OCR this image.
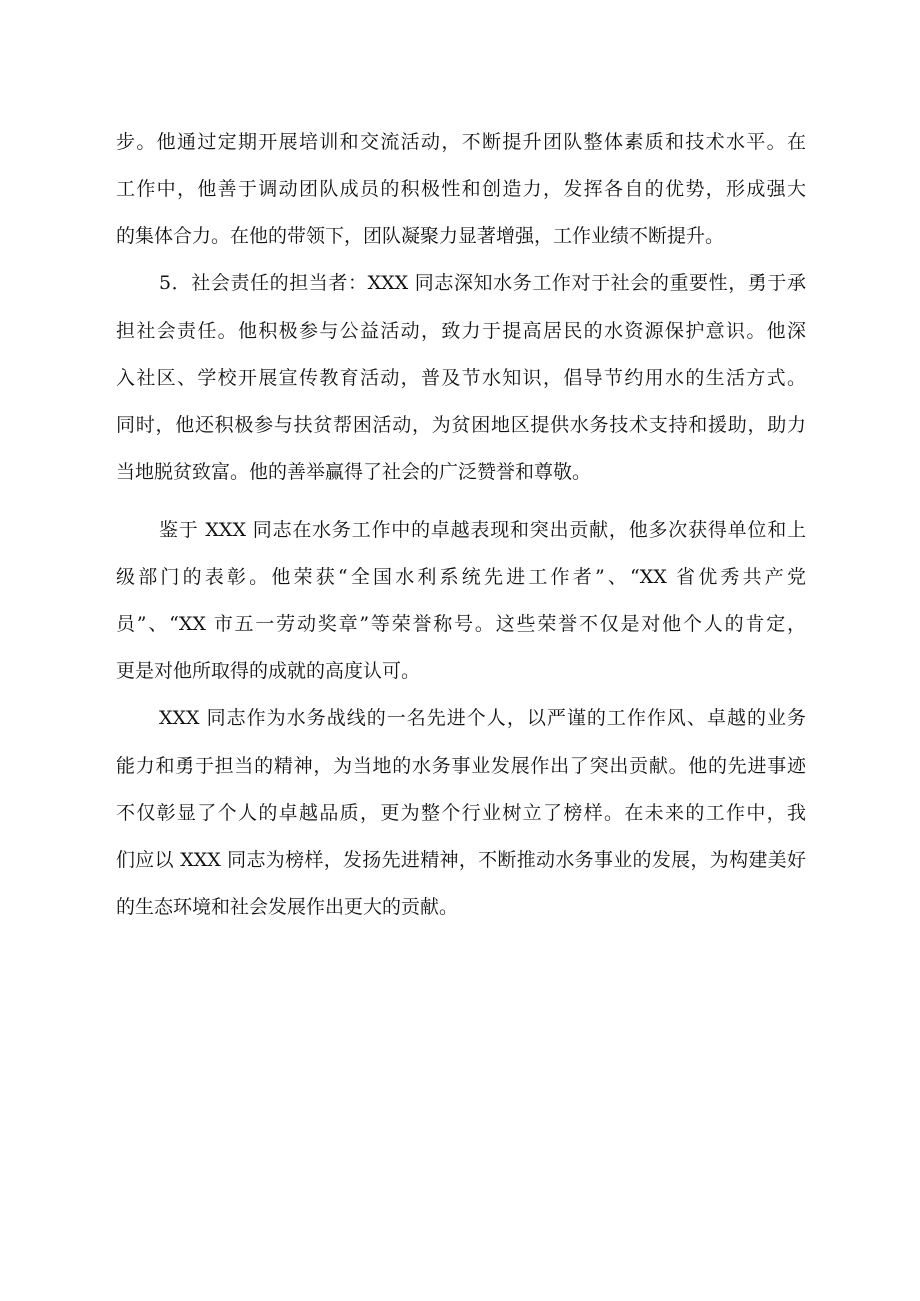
步。他通过定期开展培训和交流活动，不断提升团队整体素质和技术水平。在
工作中，他善于调动团队成员的积极性和创造力，发挥各自的优势，形成强大
的集体合力。在他的带领下，团队凝聚力显著增强，工作业绩不断提升。
5．社会责任的担当者：XXX 同志深知水务工作对于社会的重要性，勇于承
担社会责任。他积极参与公益活动，致力于提高居民的水资源保护意识。他深
入社区、学校开展宣传教育活动，普及节水知识，倡导节约用水的生活方式。
同时，他还积极参与扶贫帮困活动，为贫困地区提供水务技术支持和援助，助力
当地脱贫致富。他的善举赢得了社会的广泛赞誉和尊敬。
鉴于 XXX 同志在水务工作中的卓越表现和突出贡献，他多次获得单位和上
级部门的表彰。他荣获“全国水利系统先进工作者”、“XX 省优秀共产党
员”、“XX 市五一劳动奖章”等荣誉称号。这些荣誉不仅是对他个人的肯定，
更是对他所取得的成就的高度认可。
XXX 同志作为水务战线的一名先进个人，以严谨的工作作风、卓越的业务
能力和勇于担当的精神，为当地的水务事业发展作出了突出贡献。他的先进事迹
不仅彰显了个人的卓越品质，更为整个行业树立了榜样。在未来的工作中，我
们应以 XXX 同志为榜样，发扬先进精神，不断推动水务事业的发展，为构建美好
的生态环境和社会发展作出更大的贡献。
